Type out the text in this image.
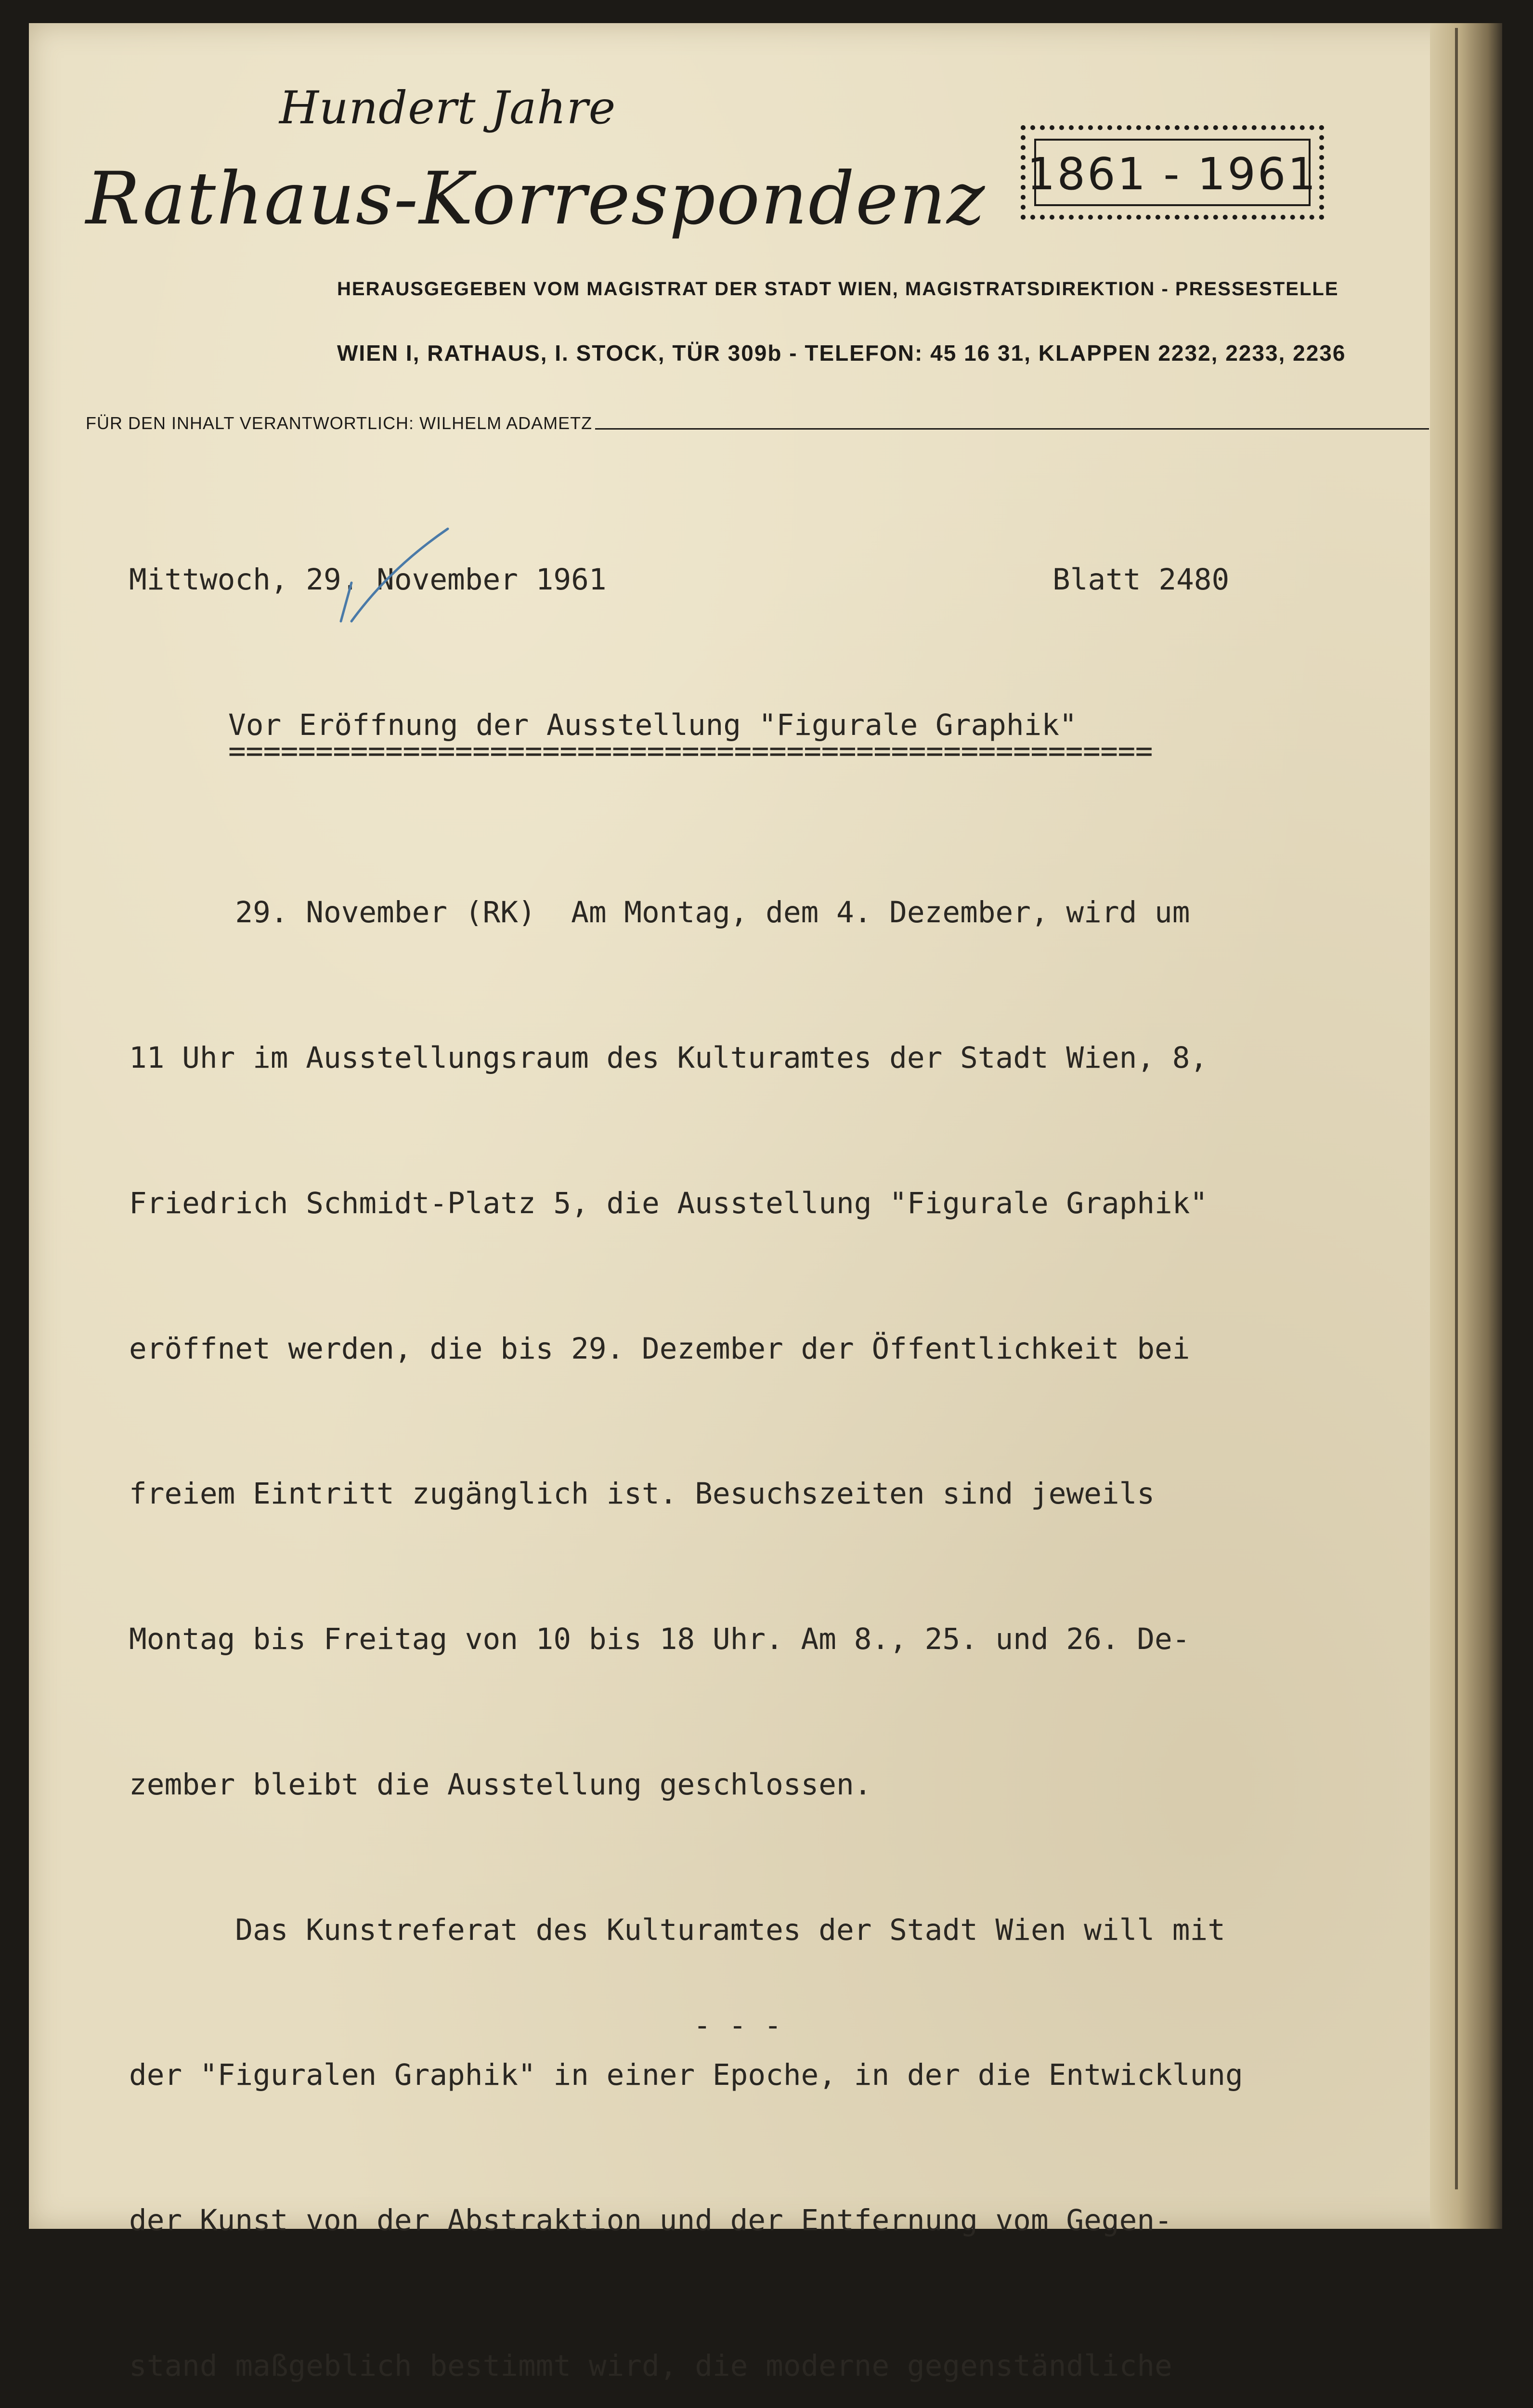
Hundert Jahre
Rathaus-Korrespondenz 1861 - 1961
HERAUSGEGEBEN VOM MAGISTRAT DER STADT WIEN, MAGISTRATSDIREKTION - PRESSESTELLE
WIEN I, RATHAUS, I. STOCK, TÜR 309b - TELEFON: 45 16 31, KLAPPEN 2232, 2233, 2236
FÜR DEN INHALT VERANTWORTLICH: WILHELM ADAMETZ
Mittwoch, 29. November 1961	Blatt 2480
Vor Eröffnung der Ausstellung "Figurale Graphik"
=====================================================

29. November (RK)  Am Montag, dem 4. Dezember, wird um

11 Uhr im Ausstellungsraum des Kulturamtes der Stadt Wien, 8,

Friedrich Schmidt-Platz 5, die Ausstellung "Figurale Graphik"

eröffnet werden, die bis 29. Dezember der Öffentlichkeit bei

freiem Eintritt zugänglich ist. Besuchszeiten sind jeweils

Montag bis Freitag von 10 bis 18 Uhr. Am 8., 25. und 26. De-

zember bleibt die Ausstellung geschlossen.

Das Kunstreferat des Kulturamtes der Stadt Wien will mit

der "Figuralen Graphik" in einer Epoche, in der die Entwicklung

der Kunst von der Abstraktion und der Entfernung vom Gegen-

stand maßgeblich bestimmt wird, die moderne gegenständliche

- - -
